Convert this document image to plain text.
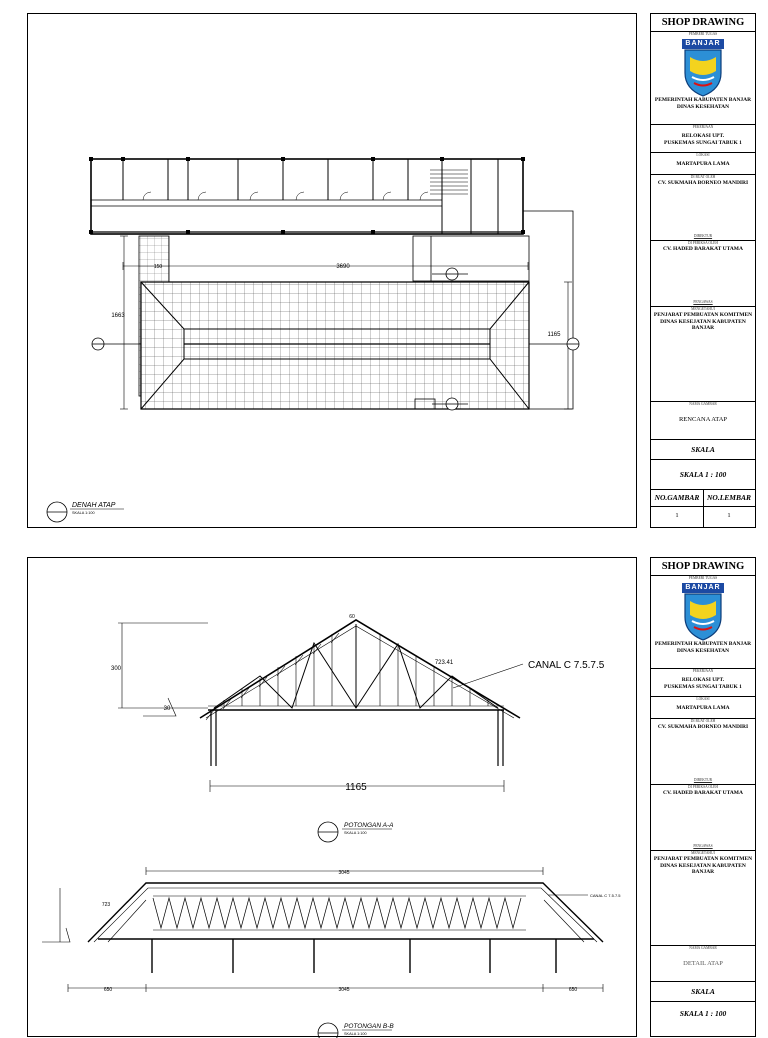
3690
1663
1165
150
DENAH ATAP
SKALA 1:100
SHOP DRAWING
PEMBERI TUGAS
BANJAR
PEMERINTAH KABUPATEN BANJAR
DINAS KESEHATAN
PEKERJAAN
RELOKASI UPT.
PUSKEMAS SUNGAI TABUK 1
LOKASI
MARTAPURA LAMA
DI BUAT OLEH
CV. SUKMAHA BORNEO MANDIRI
DIREKTUR
DI PERIKSA OLEH
CV. HADED BARAKAT UTAMA
PENGAWAS
MENGETAHUI
PENJABAT PEMBUATAN KOMITMEN
DINAS KESEJATAN KABUPATEN
BANJAR
NAMA GAMBAR
RENCANA ATAP
SKALA
SKALA 1 : 100
NO.GAMBAR
1
NO.LEMBAR
1
300
30
723.41
60
CANAL C 7.5.7.5
1165
POTONGAN A-A
SKALA 1:100
3045
650	3045	650
723
CANAL C 7.5.7.5
POTONGAN B-B
SKALA 1:100
SHOP DRAWING
PEMBERI TUGAS
BANJAR
PEMERINTAH KABUPATEN BANJAR
DINAS KESEHATAN
PEKERJAAN
RELOKASI UPT.
PUSKEMAS SUNGAI TABUK 1
LOKASI
MARTAPURA LAMA
DI BUAT OLEH
CV. SUKMAHA BORNEO MANDIRI
DIREKTUR
DI PERIKSA OLEH
CV. HADED BARAKAT UTAMA
PENGAWAS
MENGETAHUI
PENJABAT PEMBUATAN KOMITMEN
DINAS KESEJATAN KABUPATEN
BANJAR
NAMA GAMBAR
DETAIL ATAP
SKALA
SKALA 1 : 100
